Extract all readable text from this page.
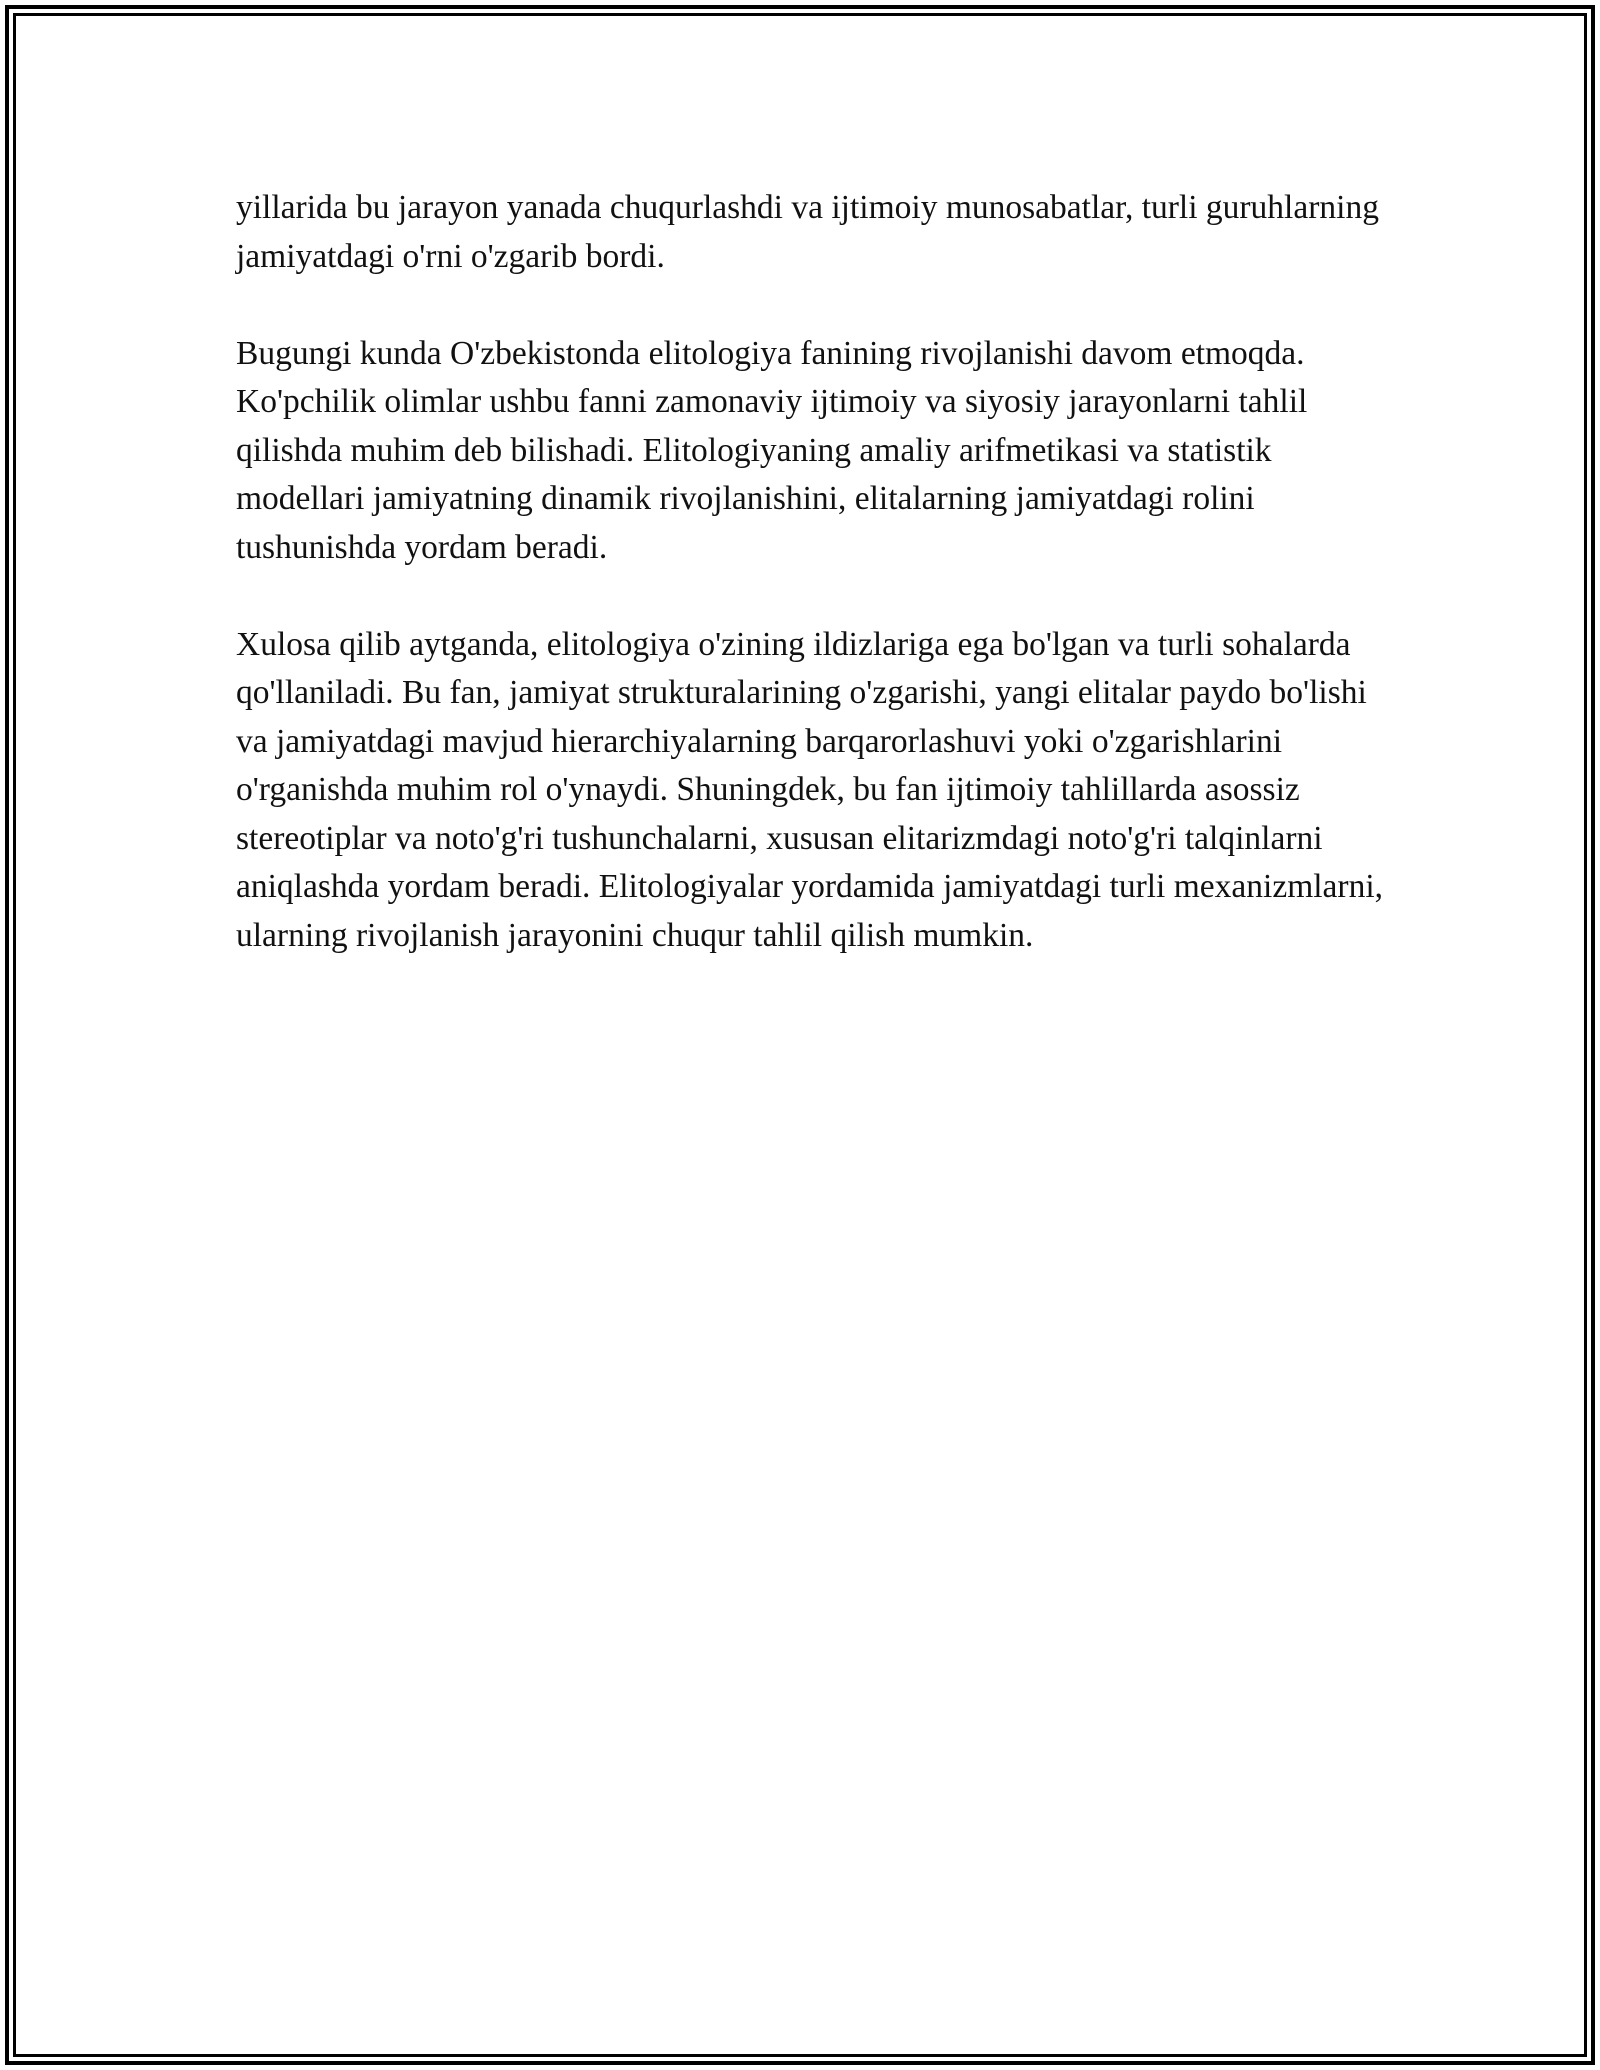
yillarida bu jarayon yanada chuqurlashdi va ijtimoiy munosabatlar, turli guruhlarning jamiyatdagi o'rni o'zgarib bordi.

Bugungi kunda O'zbekistonda elitologiya fanining rivojlanishi davom etmoqda. Ko'pchilik olimlar ushbu fanni zamonaviy ijtimoiy va siyosiy jarayonlarni tahlil qilishda muhim deb bilishadi. Elitologiyaning amaliy arifmetikasi va statistik modellari jamiyatning dinamik rivojlanishini, elitalarning jamiyatdagi rolini tushunishda yordam beradi.

Xulosa qilib aytganda, elitologiya o'zining ildizlariga ega bo'lgan va turli sohalarda qo'llaniladi. Bu fan, jamiyat strukturalarining o'zgarishi, yangi elitalar paydo bo'lishi va jamiyatdagi mavjud hierarchiyalarning barqarorlashuvi yoki o'zgarishlarini o'rganishda muhim rol o'ynaydi. Shuningdek, bu fan ijtimoiy tahlillarda asossiz stereotiplar va noto'g'ri tushunchalarni, xususan elitarizmdagi noto'g'ri talqinlarni aniqlashda yordam beradi. Elitologiyalar yordamida jamiyatdagi turli mexanizmlarni, ularning rivojlanish jarayonini chuqur tahlil qilish mumkin.
